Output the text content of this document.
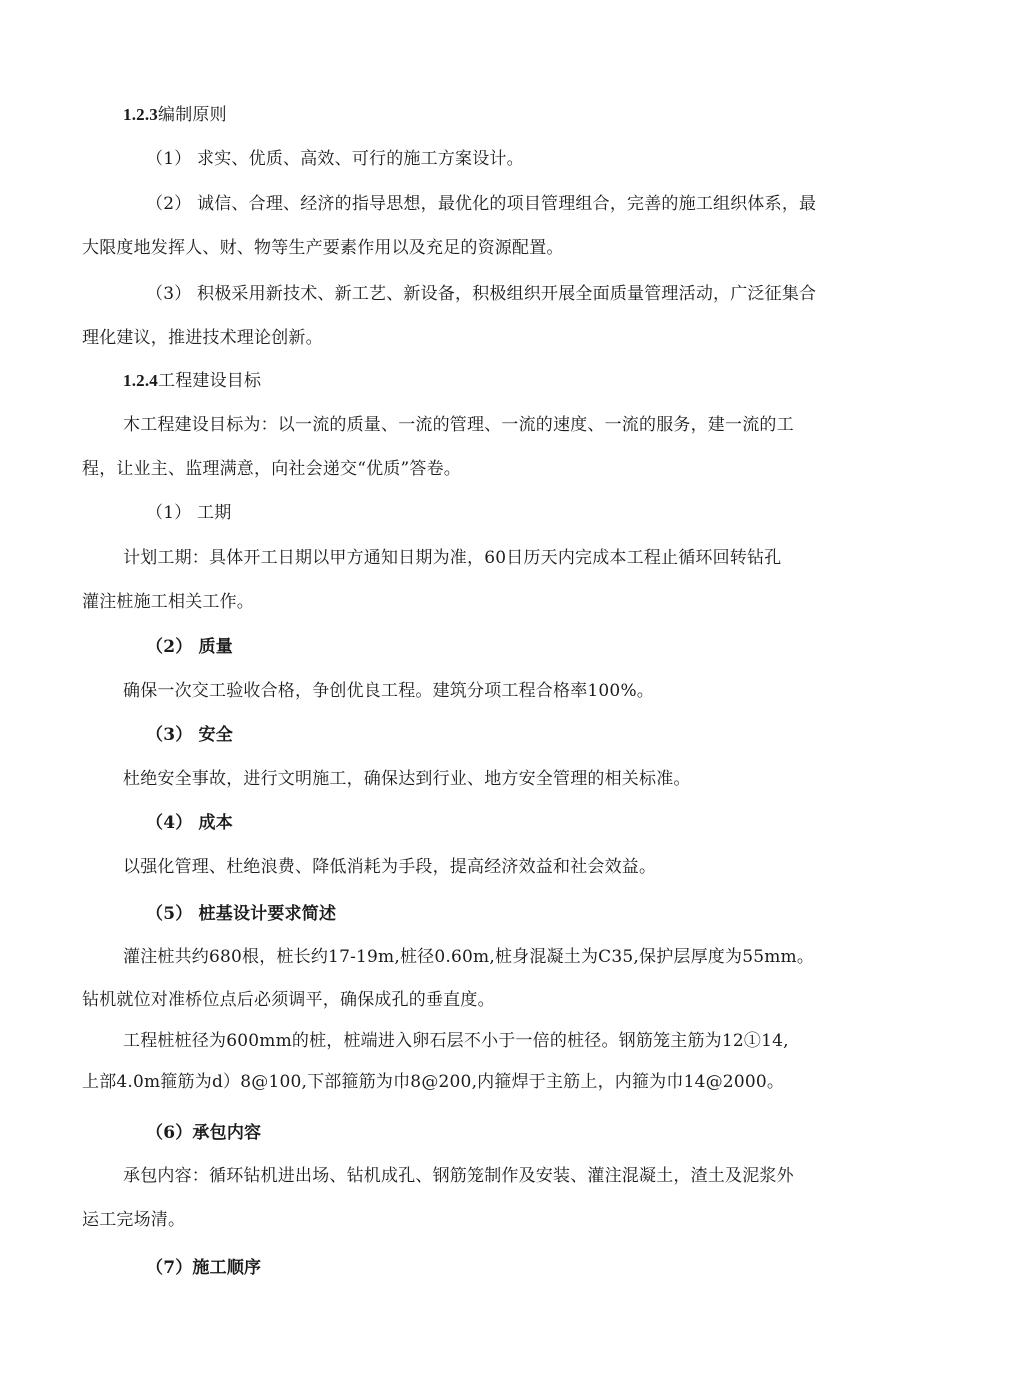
1.2.3编制原则
（1） 求实、优质、高效、可行的施工方案设计。
（2） 诚信、合理、经济的指导思想，最优化的项目管理组合，完善的施工组织体系，最
大限度地发挥人、财、物等生产要素作用以及充足的资源配置。
（3） 积极采用新技术、新工艺、新设备，积极组织开展全面质量管理活动，广泛征集合
理化建议，推进技术理论创新。
1.2.4工程建设目标
木工程建设目标为：以一流的质量、一流的管理、一流的速度、一流的服务，建一流的工
程，让业主、监理满意，向社会递交“优质”答卷。
（1） 工期
计划工期：具体开工日期以甲方通知日期为准，60日历天内完成本工程止循环回转钻孔
灌注桩施工相关工作。
（2） 质量
确保一次交工验收合格，争创优良工程。建筑分项工程合格率100%。
（3） 安全
杜绝安全事故，进行文明施工，确保达到行业、地方安全管理的相关标准。
（4） 成本
以强化管理、杜绝浪费、降低消耗为手段，提高经济效益和社会效益。
（5） 桩基设计要求简述
灌注桩共约680根，桩长约17-19m,桩径0.60m,桩身混凝土为C35,保护层厚度为55mm。
钻机就位对准桥位点后必须调平，确保成孔的垂直度。
工程桩桩径为600mm的桩，桩端进入卵石层不小于一倍的桩径。钢筋笼主筋为12①14,
上部4.0m箍筋为d）8@100,下部箍筋为巾8@200,内箍焊于主筋上，内箍为巾14@2000。
（6）承包内容
承包内容：循环钻机进出场、钻机成孔、钢筋笼制作及安装、灌注混凝土，渣土及泥浆外
运工完场清。
（7）施工顺序
